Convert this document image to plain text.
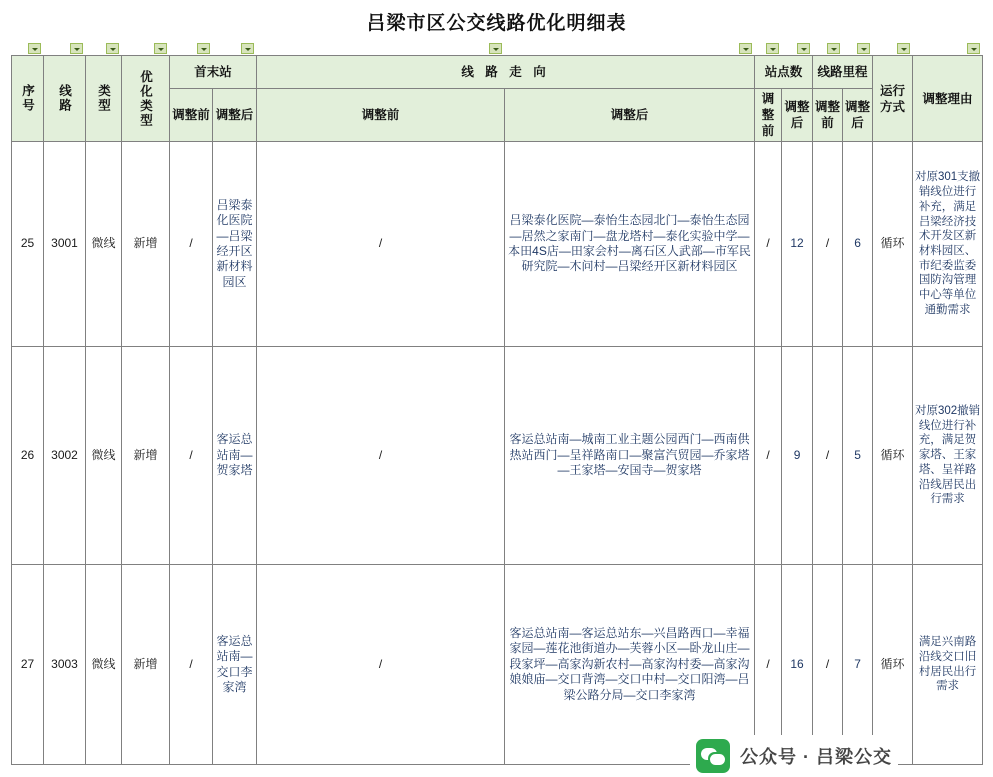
吕梁市区公交线路优化明细表
序号	线路	类型	优化类型	首末站		线 路 走 向		站点数		线路里程		运行方式	调整理由
				调整前	调整后	调整前	调整后	调整前	调整后	调整前	调整后		
25	3001	微线	新增	/	吕梁泰化医院—吕梁经开区新材料园区	/	吕梁泰化医院—泰怡生态园北门—泰怡生态园—居然之家南门—盘龙塔村—泰化实验中学—本田4S店—田家会村—离石区人武部—市军民研究院—木问村—吕梁经开区新材料园区	/	12	/	6	循环	对原301支撤销线位进行补充，满足吕梁经济技术开发区新材料园区、市纪委监委国防沟管理中心等单位通勤需求
26	3002	微线	新增	/	客运总站南—贺家塔	/	客运总站南—城南工业主题公园西门—西南供热站西门—呈祥路南口—聚富汽贸园—乔家塔—王家塔—安国寺—贺家塔	/	9	/	5	循环	对原302撤销线位进行补充，满足贺家塔、王家塔、呈祥路沿线居民出行需求
27	3003	微线	新增	/	客运总站南—交口李家湾	/	客运总站南—客运总站东—兴昌路西口—幸福家园—莲花池街道办—芙蓉小区—卧龙山庄—段家坪—高家沟新农村—高家沟村委—高家沟娘娘庙—交口背湾—交口中村—交口阳湾—吕梁公路分局—交口李家湾	/	16	/	7	循环	满足兴南路沿线交口旧村居民出行需求
公众号 · 吕梁公交
